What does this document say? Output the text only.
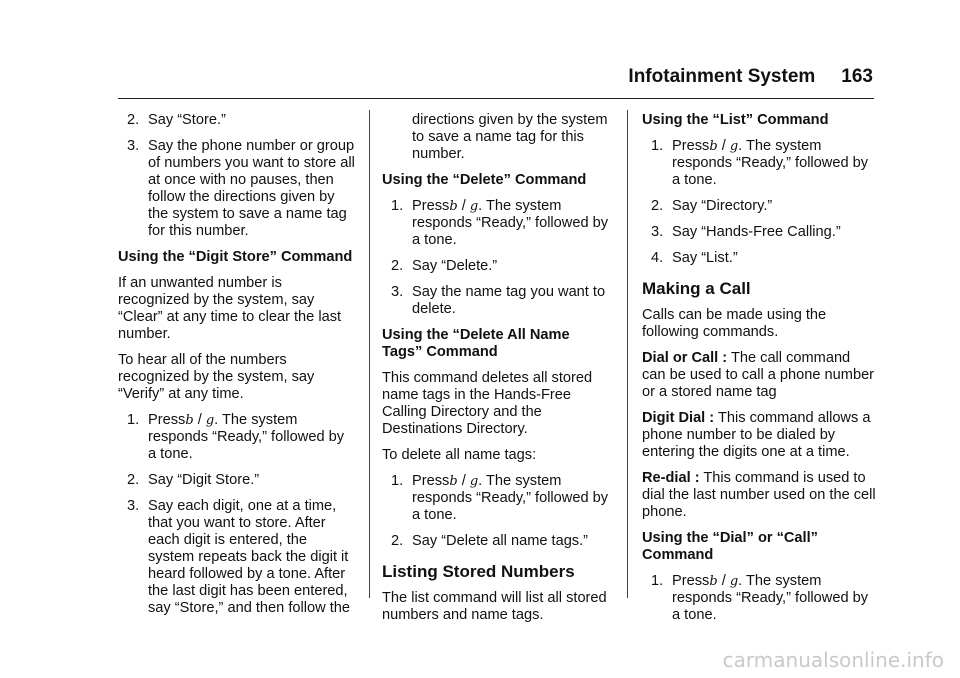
Infotainment System 163
2. Say “Store.”
3. Say the phone number or group of numbers you want to store all at once with no pauses, then follow the directions given by the system to save a name tag for this number.
Using the “Digit Store” Command

If an unwanted number is recognized by the system, say “Clear” at any time to clear the last number.

To hear all of the numbers recognized by the system, say “Verify” at any time.

1. Pressb / g. The system responds “Ready,” followed by a tone.
2. Say “Digit Store.”
3. Say each digit, one at a time, that you want to store. After each digit is entered, the system repeats back the digit it heard followed by a tone. After the last digit has been entered, say “Store,” and then follow the
directions given by the system to save a name tag for this number.
Using the “Delete” Command
1. Pressb / g. The system responds “Ready,” followed by a tone.
2. Say “Delete.”
3. Say the name tag you want to delete.
Using the “Delete All Name Tags” Command

This command deletes all stored name tags in the Hands-Free Calling Directory and the Destinations Directory.

To delete all name tags:

1. Pressb / g. The system responds “Ready,” followed by a tone.
2. Say “Delete all name tags.”
Listing Stored Numbers

The list command will list all stored numbers and name tags.

Using the “List” Command
1. Pressb / g. The system responds “Ready,” followed by a tone.
2. Say “Directory.”
3. Say “Hands-Free Calling.”
4. Say “List.”
Making a Call

Calls can be made using the following commands.

Dial or Call : The call command can be used to call a phone number or a stored name tag

Digit Dial : This command allows a phone number to be dialed by entering the digits one at a time.

Re-dial : This command is used to dial the last number used on the cell phone.

Using the “Dial” or “Call” Command
1. Pressb / g. The system responds “Ready,” followed by a tone.
carmanualsonline.info
